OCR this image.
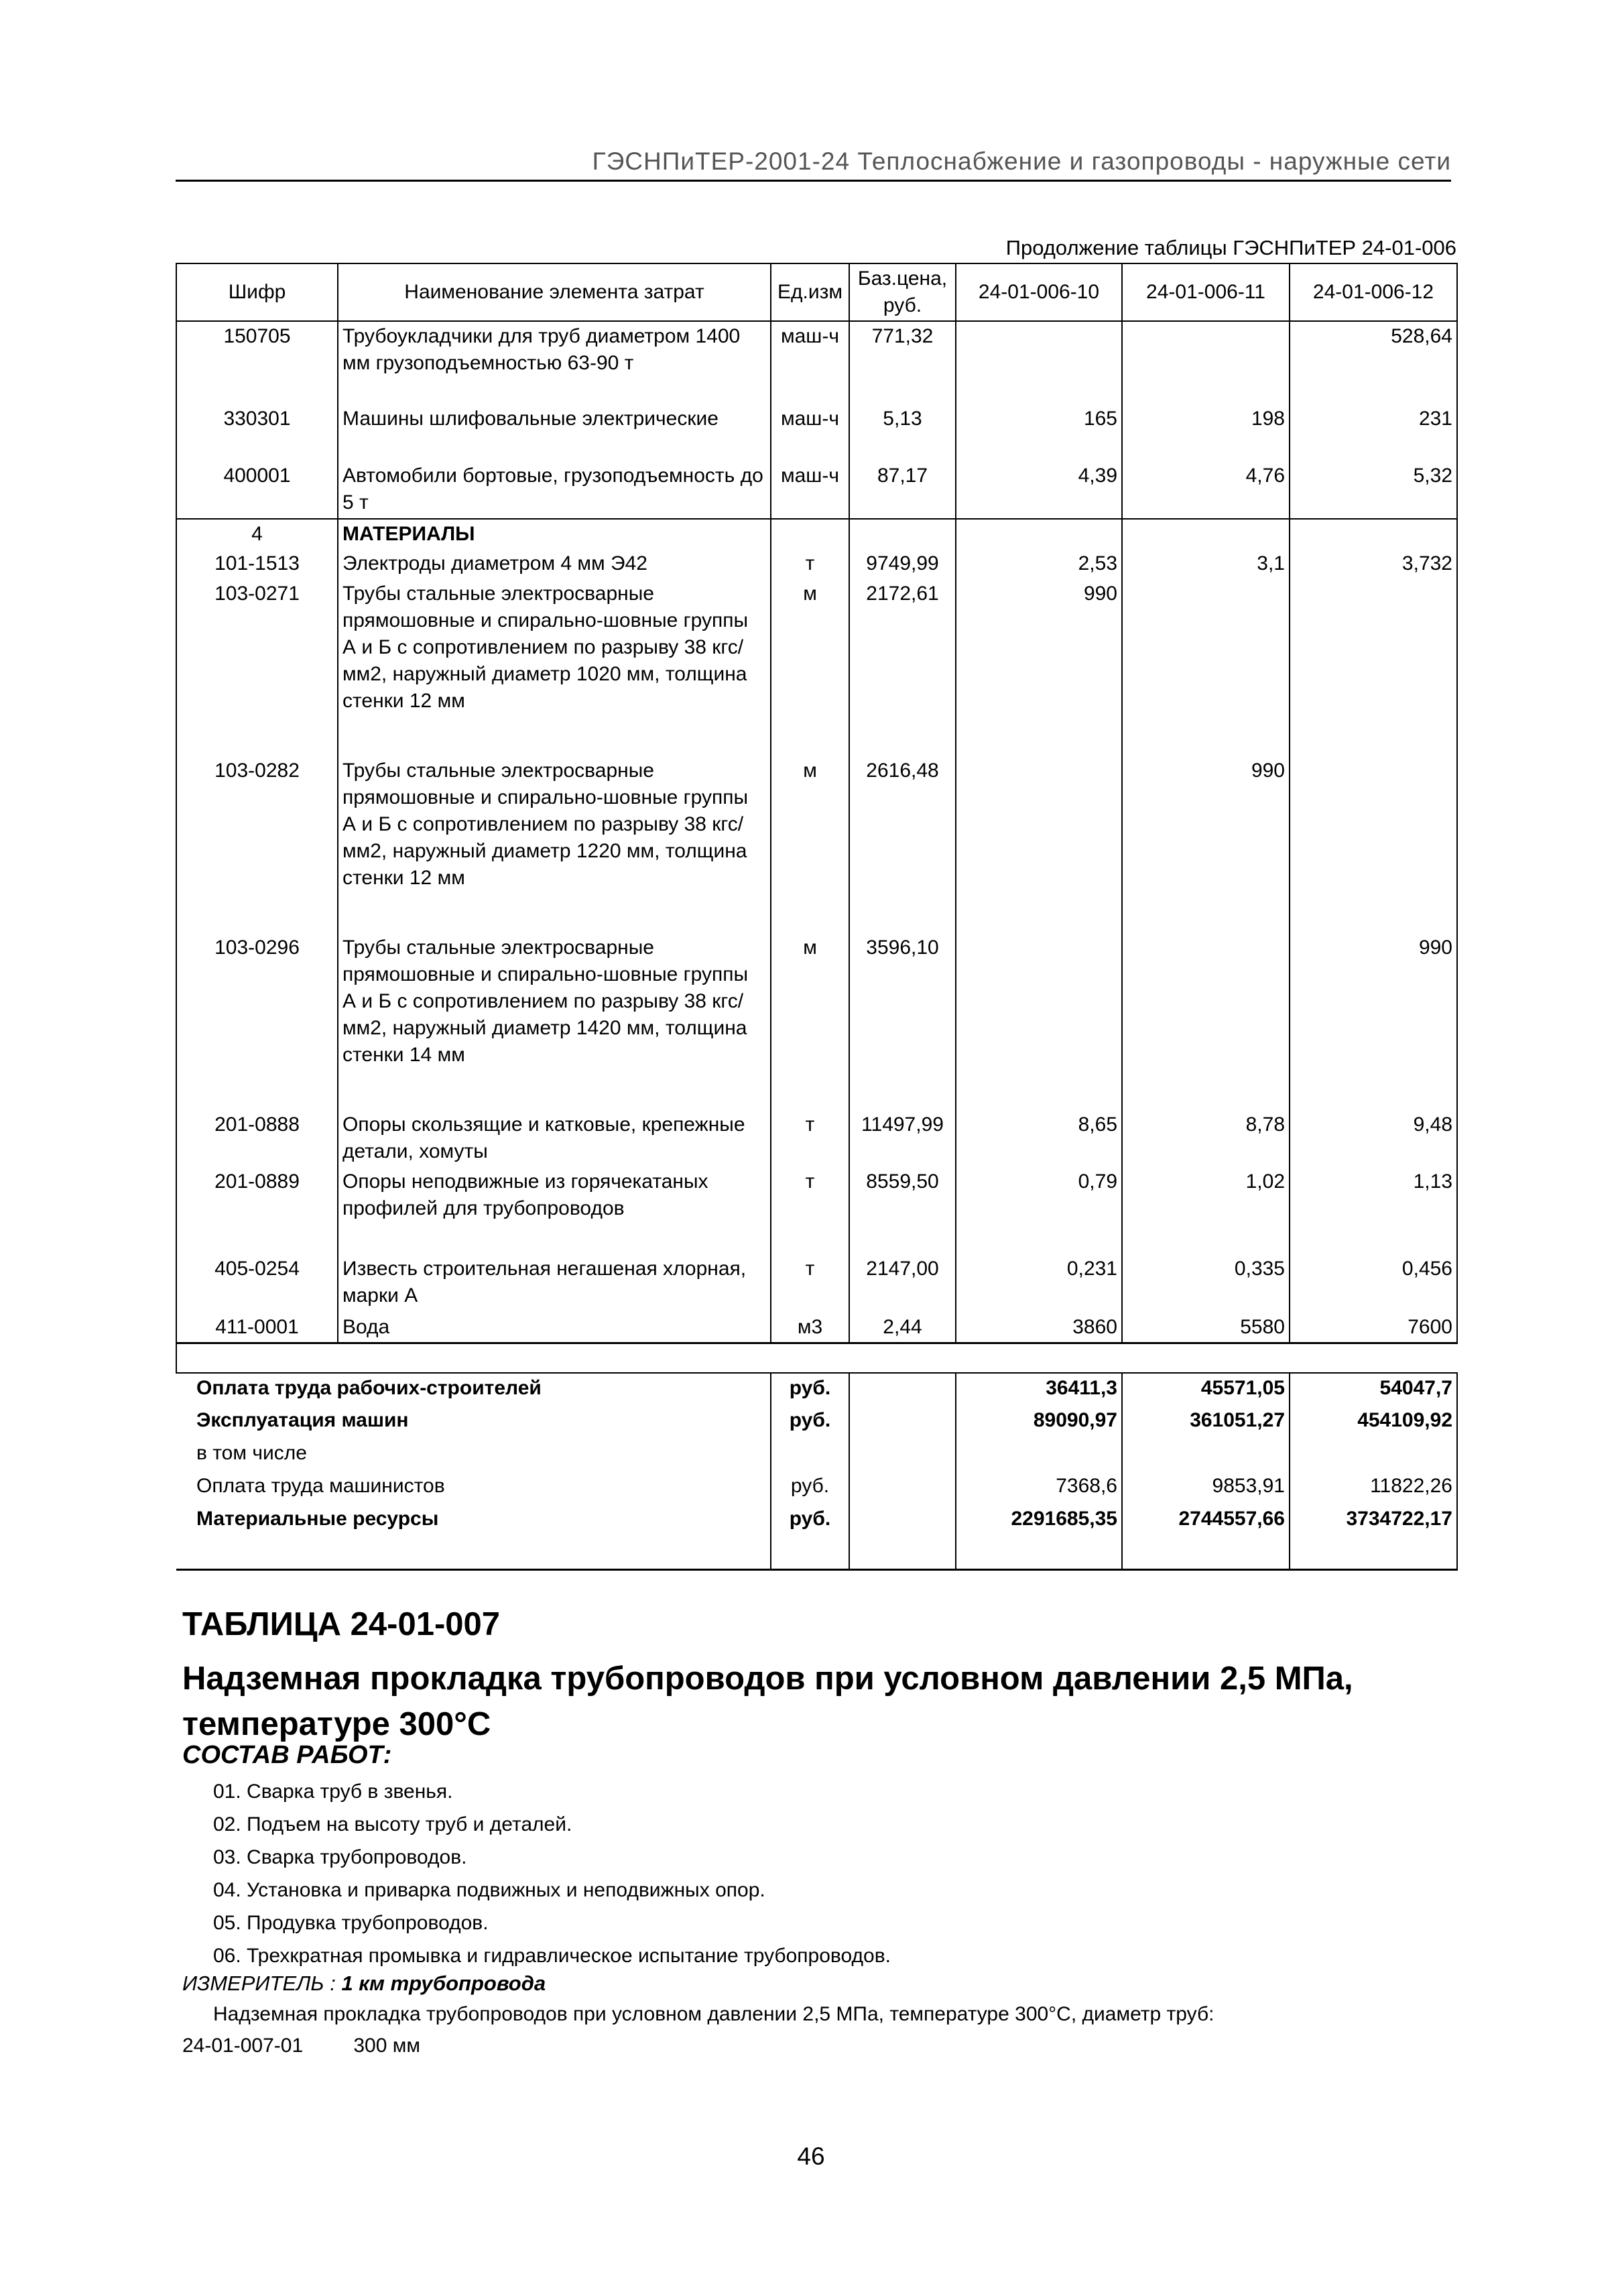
ГЭСНПиТЕР-2001-24 Теплоснабжение и газопроводы - наружные сети
Продолжение таблицы ГЭСНПиТЕР 24-01-006
Шифр	Наименование элемента затрат	Ед.изм	Баз.цена, руб.	24-01-006-10	24-01-006-11	24-01-006-12
150705	Трубоукладчики для труб диаметром 1400 мм грузоподъемностью 63-90 т	маш-ч	771,32			528,64
330301	Машины шлифовальные электрические	маш-ч	5,13	165	198	231
400001	Автомобили бортовые, грузоподъемность до 5 т	маш-ч	87,17	4,39	4,76	5,32
4	МАТЕРИАЛЫ					
101-1513	Электроды диаметром 4 мм Э42	т	9749,99	2,53	3,1	3,732
103-0271	Трубы стальные электросварные прямошовные и спирально-шовные группы А и Б с сопротивлением по разрыву 38 кгс/мм2, наружный диаметр 1020 мм, толщина стенки 12 мм	м	2172,61	990		
103-0282	Трубы стальные электросварные прямошовные и спирально-шовные группы А и Б с сопротивлением по разрыву 38 кгс/мм2, наружный диаметр 1220 мм, толщина стенки 12 мм	м	2616,48		990	
103-0296	Трубы стальные электросварные прямошовные и спирально-шовные группы А и Б с сопротивлением по разрыву 38 кгс/мм2, наружный диаметр 1420 мм, толщина стенки 14 мм	м	3596,10			990
201-0888	Опоры скользящие и катковые, крепежные детали, хомуты	т	11497,99	8,65	8,78	9,48
201-0889	Опоры неподвижные из горячекатаных профилей для трубопроводов	т	8559,50	0,79	1,02	1,13
405-0254	Известь строительная негашеная хлорная, марки А	т	2147,00	0,231	0,335	0,456
411-0001	Вода	м3	2,44	3860	5580	7600

Оплата труда рабочих-строителей		руб.		36411,3	45571,05	54047,7
Эксплуатация машин		руб.		89090,97	361051,27	454109,92
в том числе						
Оплата труда машинистов		руб.		7368,6	9853,91	11822,26
Материальные ресурсы		руб.		2291685,35	2744557,66	3734722,17

ТАБЛИЦА 24-01-007
Надземная прокладка трубопроводов при условном давлении 2,5 МПа, температуре 300°С
СОСТАВ РАБОТ:
01. Сварка труб в звенья.
02. Подъем на высоту труб и деталей.
03. Сварка трубопроводов.
04. Установка и приварка подвижных и неподвижных опор.
05. Продувка трубопроводов.
06. Трехкратная промывка и гидравлическое испытание трубопроводов.
ИЗМЕРИТЕЛЬ : 1 км трубопровода
Надземная прокладка трубопроводов при условном давлении 2,5 МПа, температуре 300°С, диаметр труб:
24-01-007-01	300 мм
46
